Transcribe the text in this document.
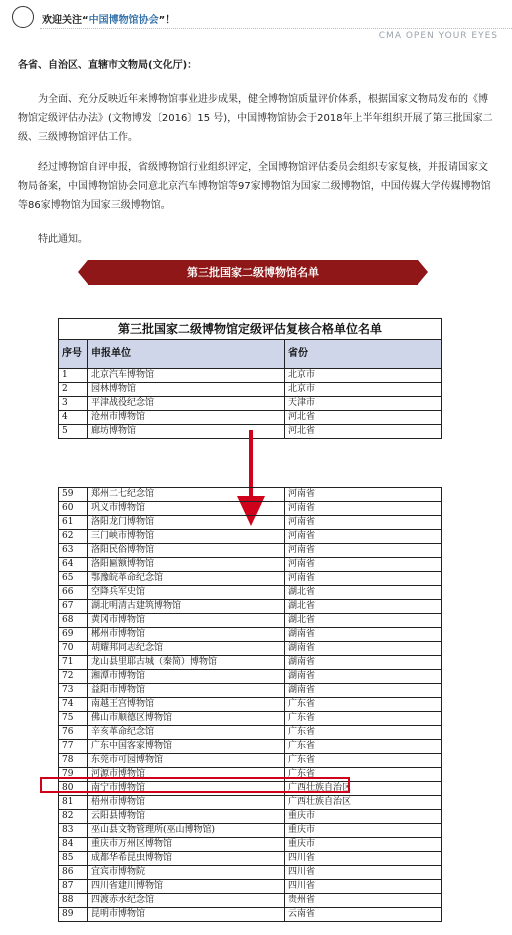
欢迎关注“中国博物馆协会”！
CMA OPEN YOUR EYES
各省、自治区、直辖市文物局(文化厅)：
为全面、充分反映近年来博物馆事业进步成果，健全博物馆质量评价体系，根据国家文物局发布的《博物馆定级评估办法》(文物博发〔2016〕15 号)，中国博物馆协会于2018年上半年组织开展了第三批国家二级、三级博物馆评估工作。
经过博物馆自评申报，省级博物馆行业组织评定，全国博物馆评估委员会组织专家复核，并报请国家文物局备案，中国博物馆协会同意北京汽车博物馆等97家博物馆为国家二级博物馆，中国传媒大学传媒博物馆等86家博物馆为国家三级博物馆。
特此通知。
第三批国家二级博物馆名单
第三批国家二级博物馆定级评估复核合格单位名单		
序号	申报单位	省份
1	北京汽车博物馆	北京市
2	园林博物馆	北京市
3	平津战役纪念馆	天津市
4	沧州市博物馆	河北省
5	廊坊博物馆	河北省
59	郑州二七纪念馆	河南省
60	巩义市博物馆	河南省
61	洛阳龙门博物馆	河南省
62	三门峡市博物馆	河南省
63	洛阳民俗博物馆	河南省
64	洛阳匾额博物馆	河南省
65	鄂豫皖革命纪念馆	河南省
66	空降兵军史馆	湖北省
67	湖北明清古建筑博物馆	湖北省
68	黄冈市博物馆	湖北省
69	郴州市博物馆	湖南省
70	胡耀邦同志纪念馆	湖南省
71	龙山县里耶古城（秦简）博物馆	湖南省
72	湘潭市博物馆	湖南省
73	益阳市博物馆	湖南省
74	南越王宫博物馆	广东省
75	佛山市顺德区博物馆	广东省
76	辛亥革命纪念馆	广东省
77	广东中国客家博物馆	广东省
78	东莞市可园博物馆	广东省
79	河源市博物馆	广东省
80	南宁市博物馆	广西壮族自治区
81	梧州市博物馆	广西壮族自治区
82	云阳县博物馆	重庆市
83	巫山县文物管理所(巫山博物馆)	重庆市
84	重庆市万州区博物馆	重庆市
85	成都华希昆虫博物馆	四川省
86	宜宾市博物院	四川省
87	四川省建川博物馆	四川省
88	四渡赤水纪念馆	贵州省
89	昆明市博物馆	云南省
